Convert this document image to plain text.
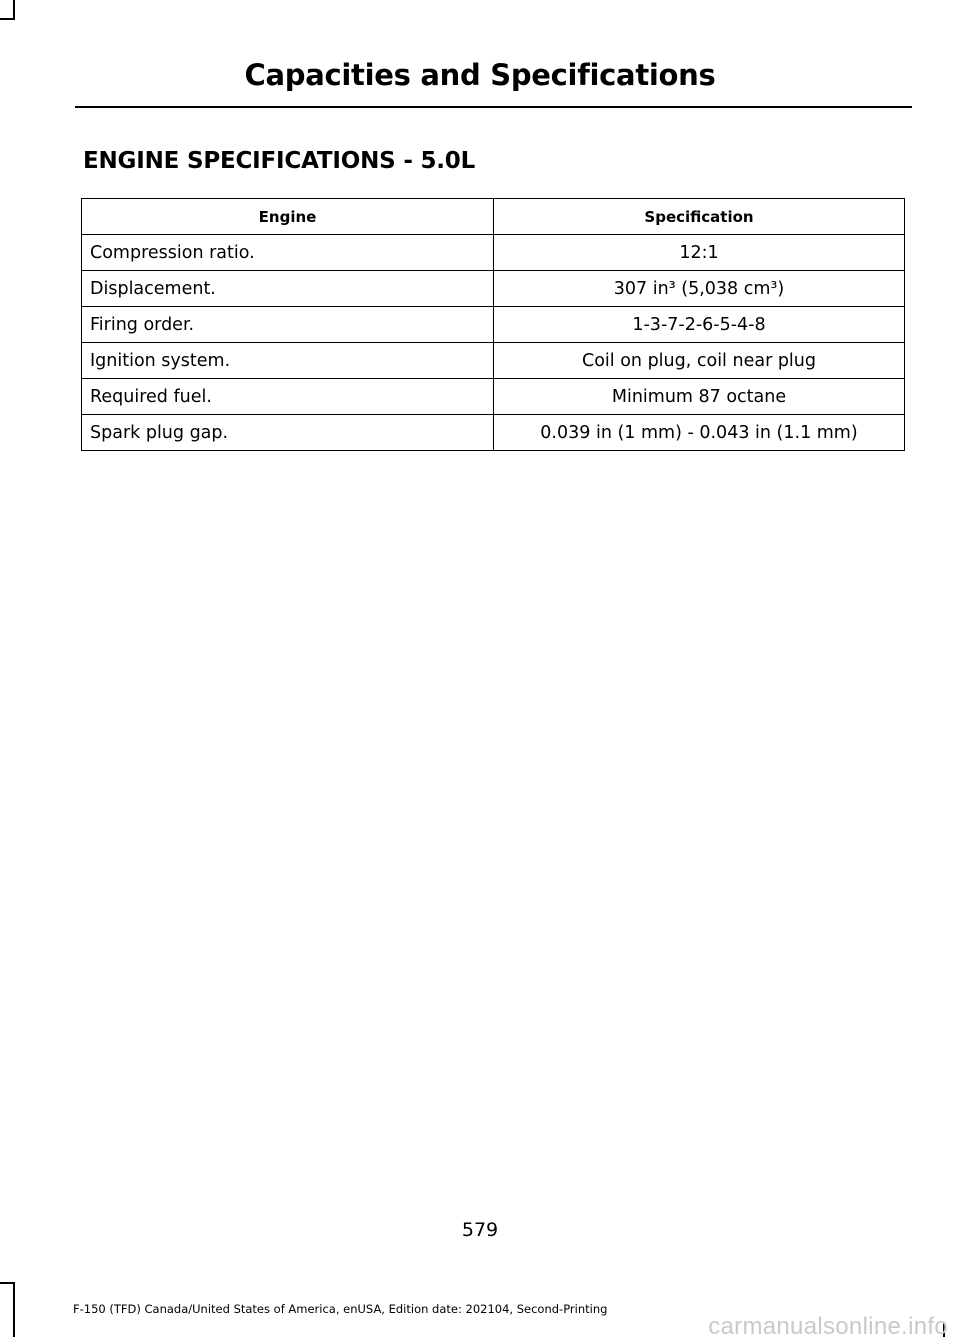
Capacities and Specifications
ENGINE SPECIFICATIONS - 5.0L
Engine	Specification
Compression ratio.	12:1
Displacement.	307 in³ (5,038 cm³)
Firing order.	1-3-7-2-6-5-4-8
Ignition system.	Coil on plug, coil near plug
Required fuel.	Minimum 87 octane
Spark plug gap.	0.039 in (1 mm) - 0.043 in (1.1 mm)
579
F-150 (TFD) Canada/United States of America, enUSA, Edition date: 202104, Second-Printing
carmanualsonline.info
